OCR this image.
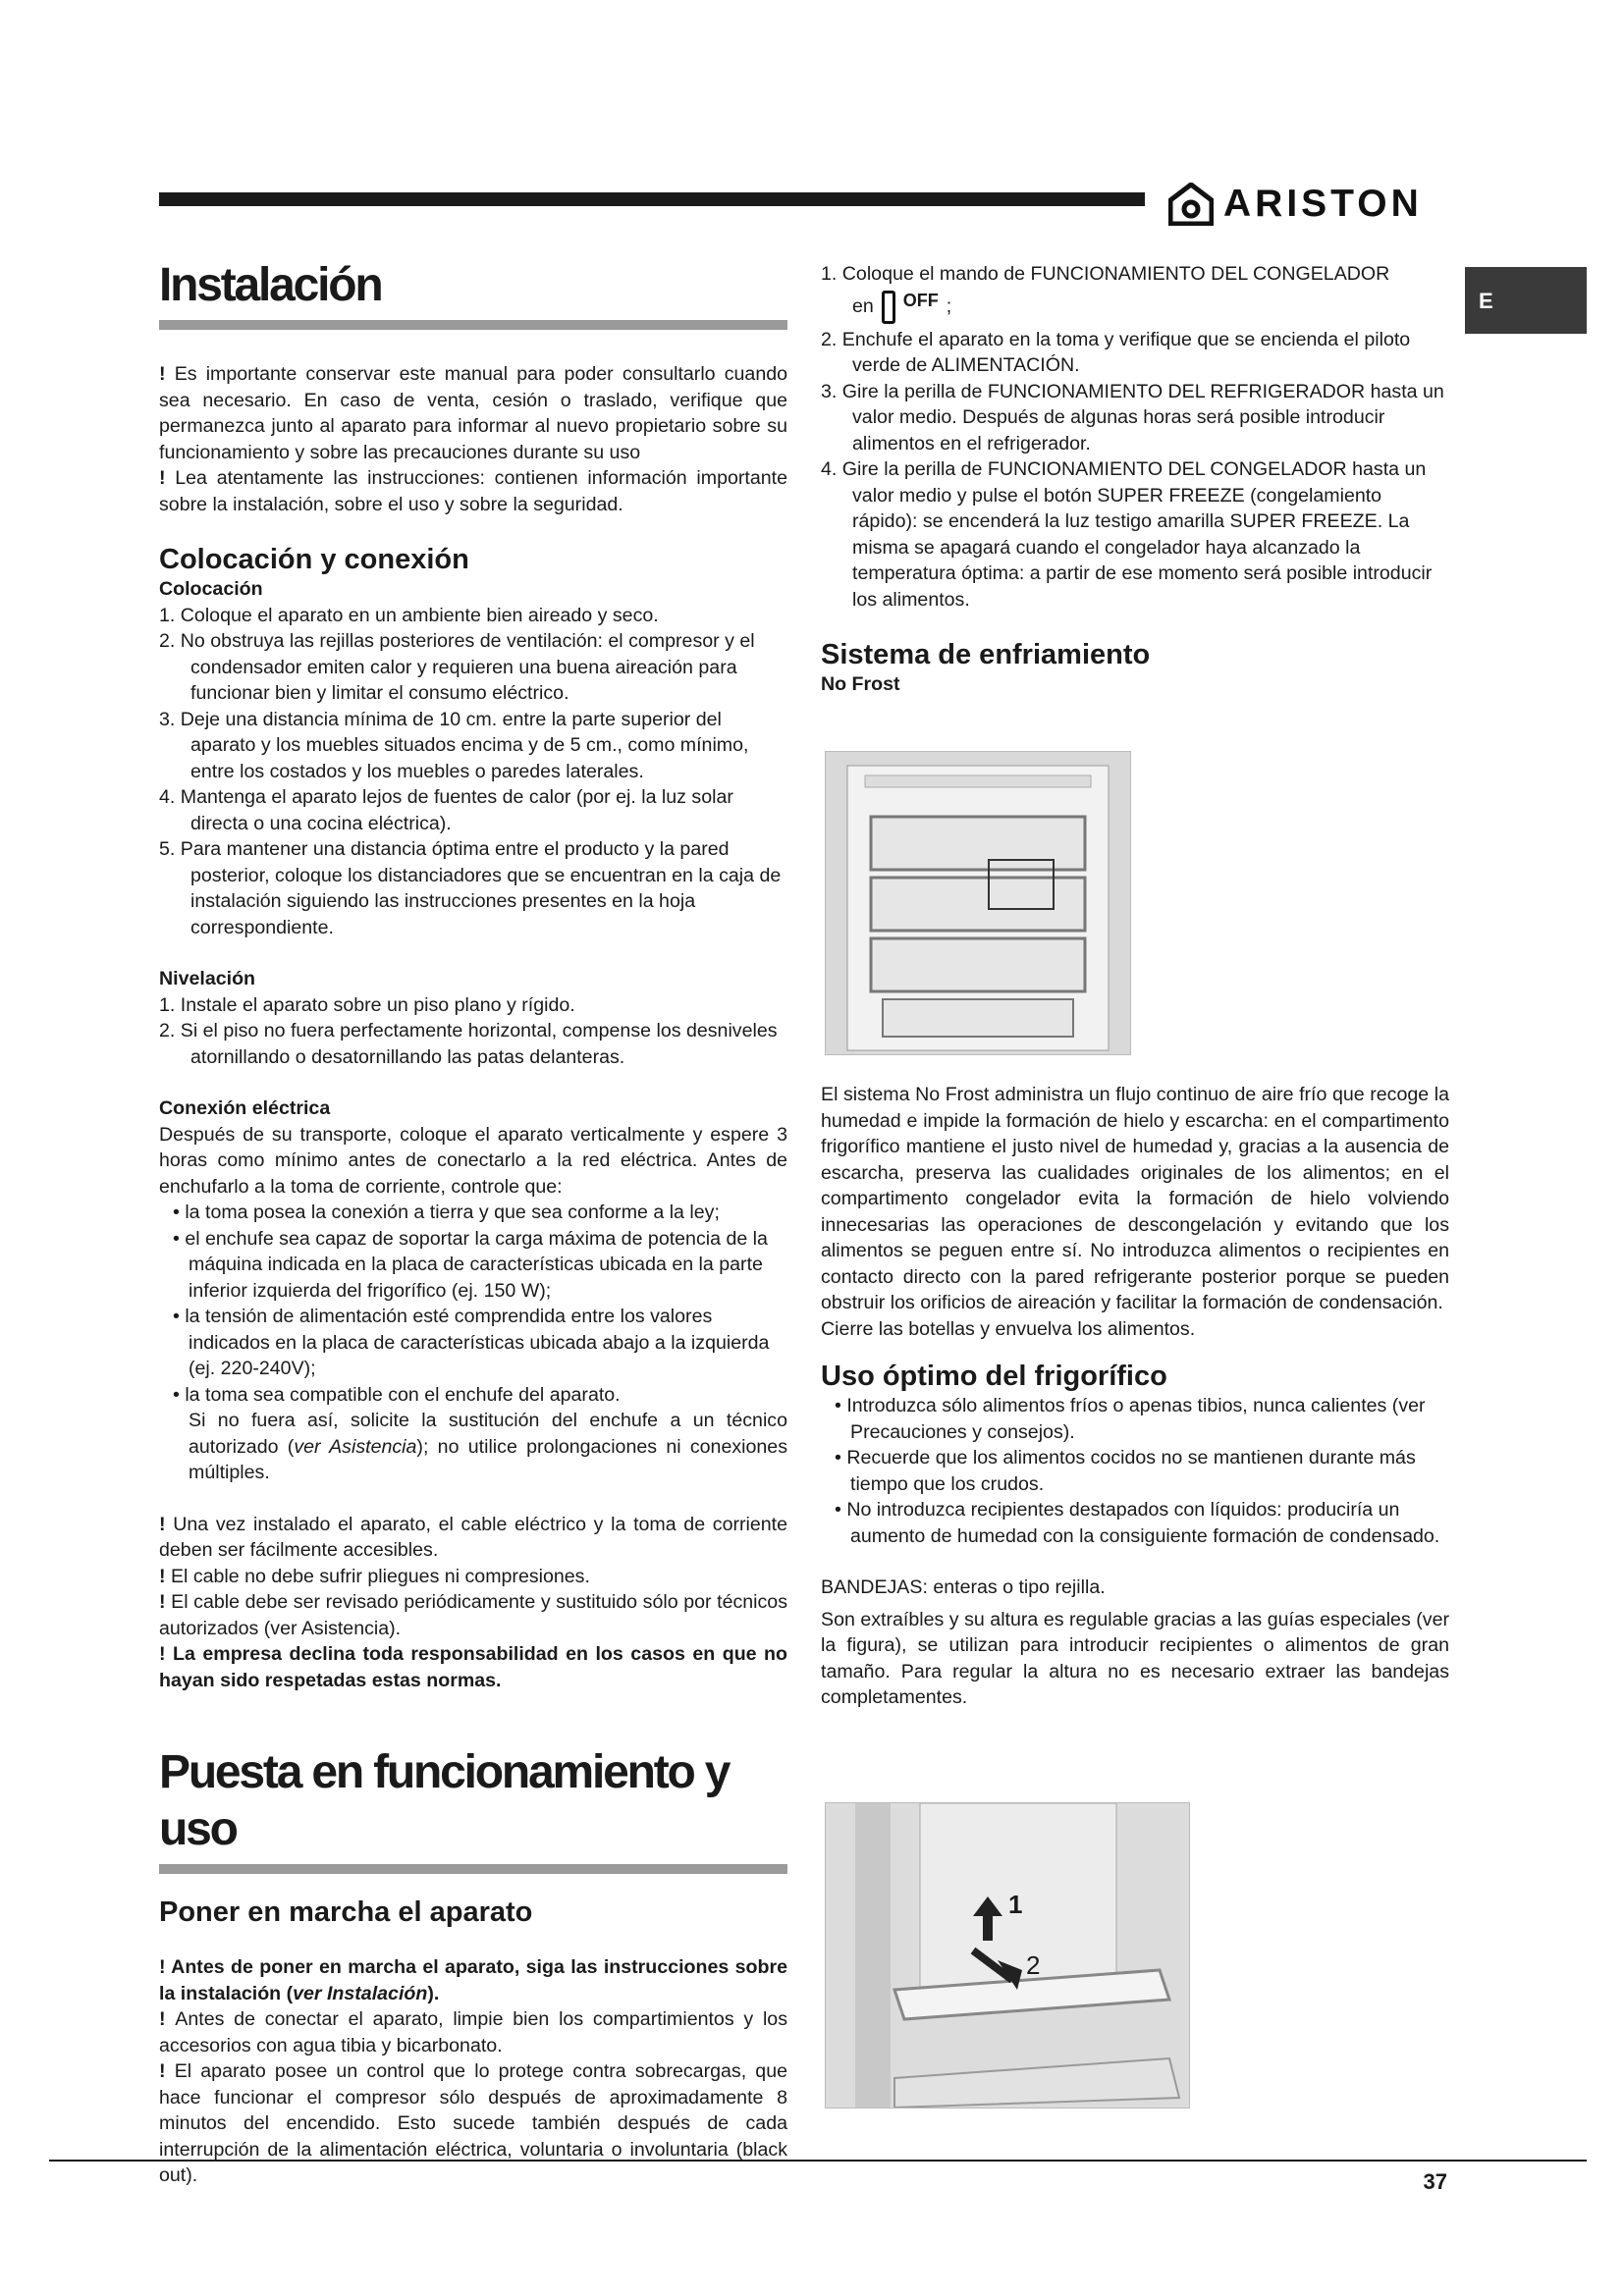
ARISTON
E
Instalación

! Es importante conservar este manual para poder consultarlo cuando sea necesario. En caso de venta, cesión o traslado, verifique que permanezca junto al aparato para informar al nuevo propietario sobre su funcionamiento y sobre las precauciones durante su uso

! Lea atentamente las instrucciones: contienen información importante sobre la instalación, sobre el uso y sobre la seguridad.

Colocación y conexión
Colocación
1. Coloque el aparato en un ambiente bien aireado y seco.
2. No obstruya las rejillas posteriores de ventilación: el compresor y el condensador emiten calor y requieren una buena aireación para funcionar bien y limitar el consumo eléctrico.
3. Deje una distancia mínima de 10 cm. entre la parte superior del aparato y los muebles situados encima y de 5 cm., como mínimo, entre los costados y los muebles o paredes laterales.
4. Mantenga el aparato lejos de fuentes de calor (por ej. la luz solar directa o una cocina eléctrica).
5. Para mantener una distancia óptima entre el producto y la pared posterior, coloque los distanciadores que se encuentran en la caja de instalación siguiendo las instrucciones presentes en la hoja correspondiente.
Nivelación
1. Instale el aparato sobre un piso plano y rígido.
2. Si el piso no fuera perfectamente horizontal, compense los desniveles atornillando o desatornillando las patas delanteras.
Conexión eléctrica

Después de su transporte, coloque el aparato verticalmente y espere 3 horas como mínimo antes de conectarlo a la red eléctrica. Antes de enchufarlo a la toma de corriente, controle que:

• la toma posea la conexión a tierra y que sea conforme a la ley;
• el enchufe sea capaz de soportar la carga máxima de potencia de la máquina indicada en la placa de características ubicada en la parte inferior izquierda del frigorífico (ej. 150 W);
• la tensión de alimentación esté comprendida entre los valores indicados en la placa de características ubicada abajo a la izquierda (ej. 220-240V);
• la toma sea compatible con el enchufe del aparato.

Si no fuera así, solicite la sustitución del enchufe a un técnico autorizado (ver Asistencia); no utilice prolongaciones ni conexiones múltiples.

! Una vez instalado el aparato, el cable eléctrico y la toma de corriente deben ser fácilmente accesibles.

! El cable no debe sufrir pliegues ni compresiones.

! El cable debe ser revisado periódicamente y sustituido sólo por técnicos autorizados (ver Asistencia).

! La empresa declina toda responsabilidad en los casos en que no hayan sido respetadas estas normas.

Puesta en funcionamiento y uso
Poner en marcha el aparato

! Antes de poner en marcha el aparato, siga las instrucciones sobre la instalación (ver Instalación).

! Antes de conectar el aparato, limpie bien los compartimientos y los accesorios con agua tibia y bicarbonato.

! El aparato posee un control que lo protege contra sobrecargas, que hace funcionar el compresor sólo después de aproximadamente 8 minutos del encendido. Esto sucede también después de cada interrupción de la alimentación eléctrica, voluntaria o involuntaria (black out).

1. Coloque el mando de FUNCIONAMIENTO DEL CONGELADOR
en OFF ;
2. Enchufe el aparato en la toma y verifique que se encienda el piloto verde de ALIMENTACIÓN.
3. Gire la perilla de FUNCIONAMIENTO DEL REFRIGERADOR hasta un valor medio. Después de algunas horas será posible introducir alimentos en el refrigerador.
4. Gire la perilla de FUNCIONAMIENTO DEL CONGELADOR hasta un valor medio y pulse el botón SUPER FREEZE (congelamiento rápido): se encenderá la luz testigo amarilla SUPER FREEZE. La misma se apagará cuando el congelador haya alcanzado la temperatura óptima: a partir de ese momento será posible introducir los alimentos.
Sistema de enfriamiento
No Frost

El sistema No Frost administra un flujo continuo de aire frío que recoge la humedad e impide la formación de hielo y escarcha: en el compartimento frigorífico mantiene el justo nivel de humedad y, gracias a la ausencia de escarcha, preserva las cualidades originales de los alimentos; en el compartimento congelador evita la formación de hielo volviendo innecesarias las operaciones de descongelación y evitando que los alimentos se peguen entre sí. No introduzca alimentos o recipientes en contacto directo con la pared refrigerante posterior porque se pueden obstruir los orificios de aireación y facilitar la formación de condensación.

Cierre las botellas y envuelva los alimentos.

Uso óptimo del frigorífico
• Introduzca sólo alimentos fríos o apenas tibios, nunca calientes (ver Precauciones y consejos).
• Recuerde que los alimentos cocidos no se mantienen durante más tiempo que los crudos.
• No introduzca recipientes destapados con líquidos: produciría un aumento de humedad con la consiguiente formación de condensado.

BANDEJAS: enteras o tipo rejilla.

Son extraíbles y su altura es regulable gracias a las guías especiales (ver la figura), se utilizan para introducir recipientes o alimentos de gran tamaño. Para regular la altura no es necesario extraer las bandejas completamentes.

1
2
37
